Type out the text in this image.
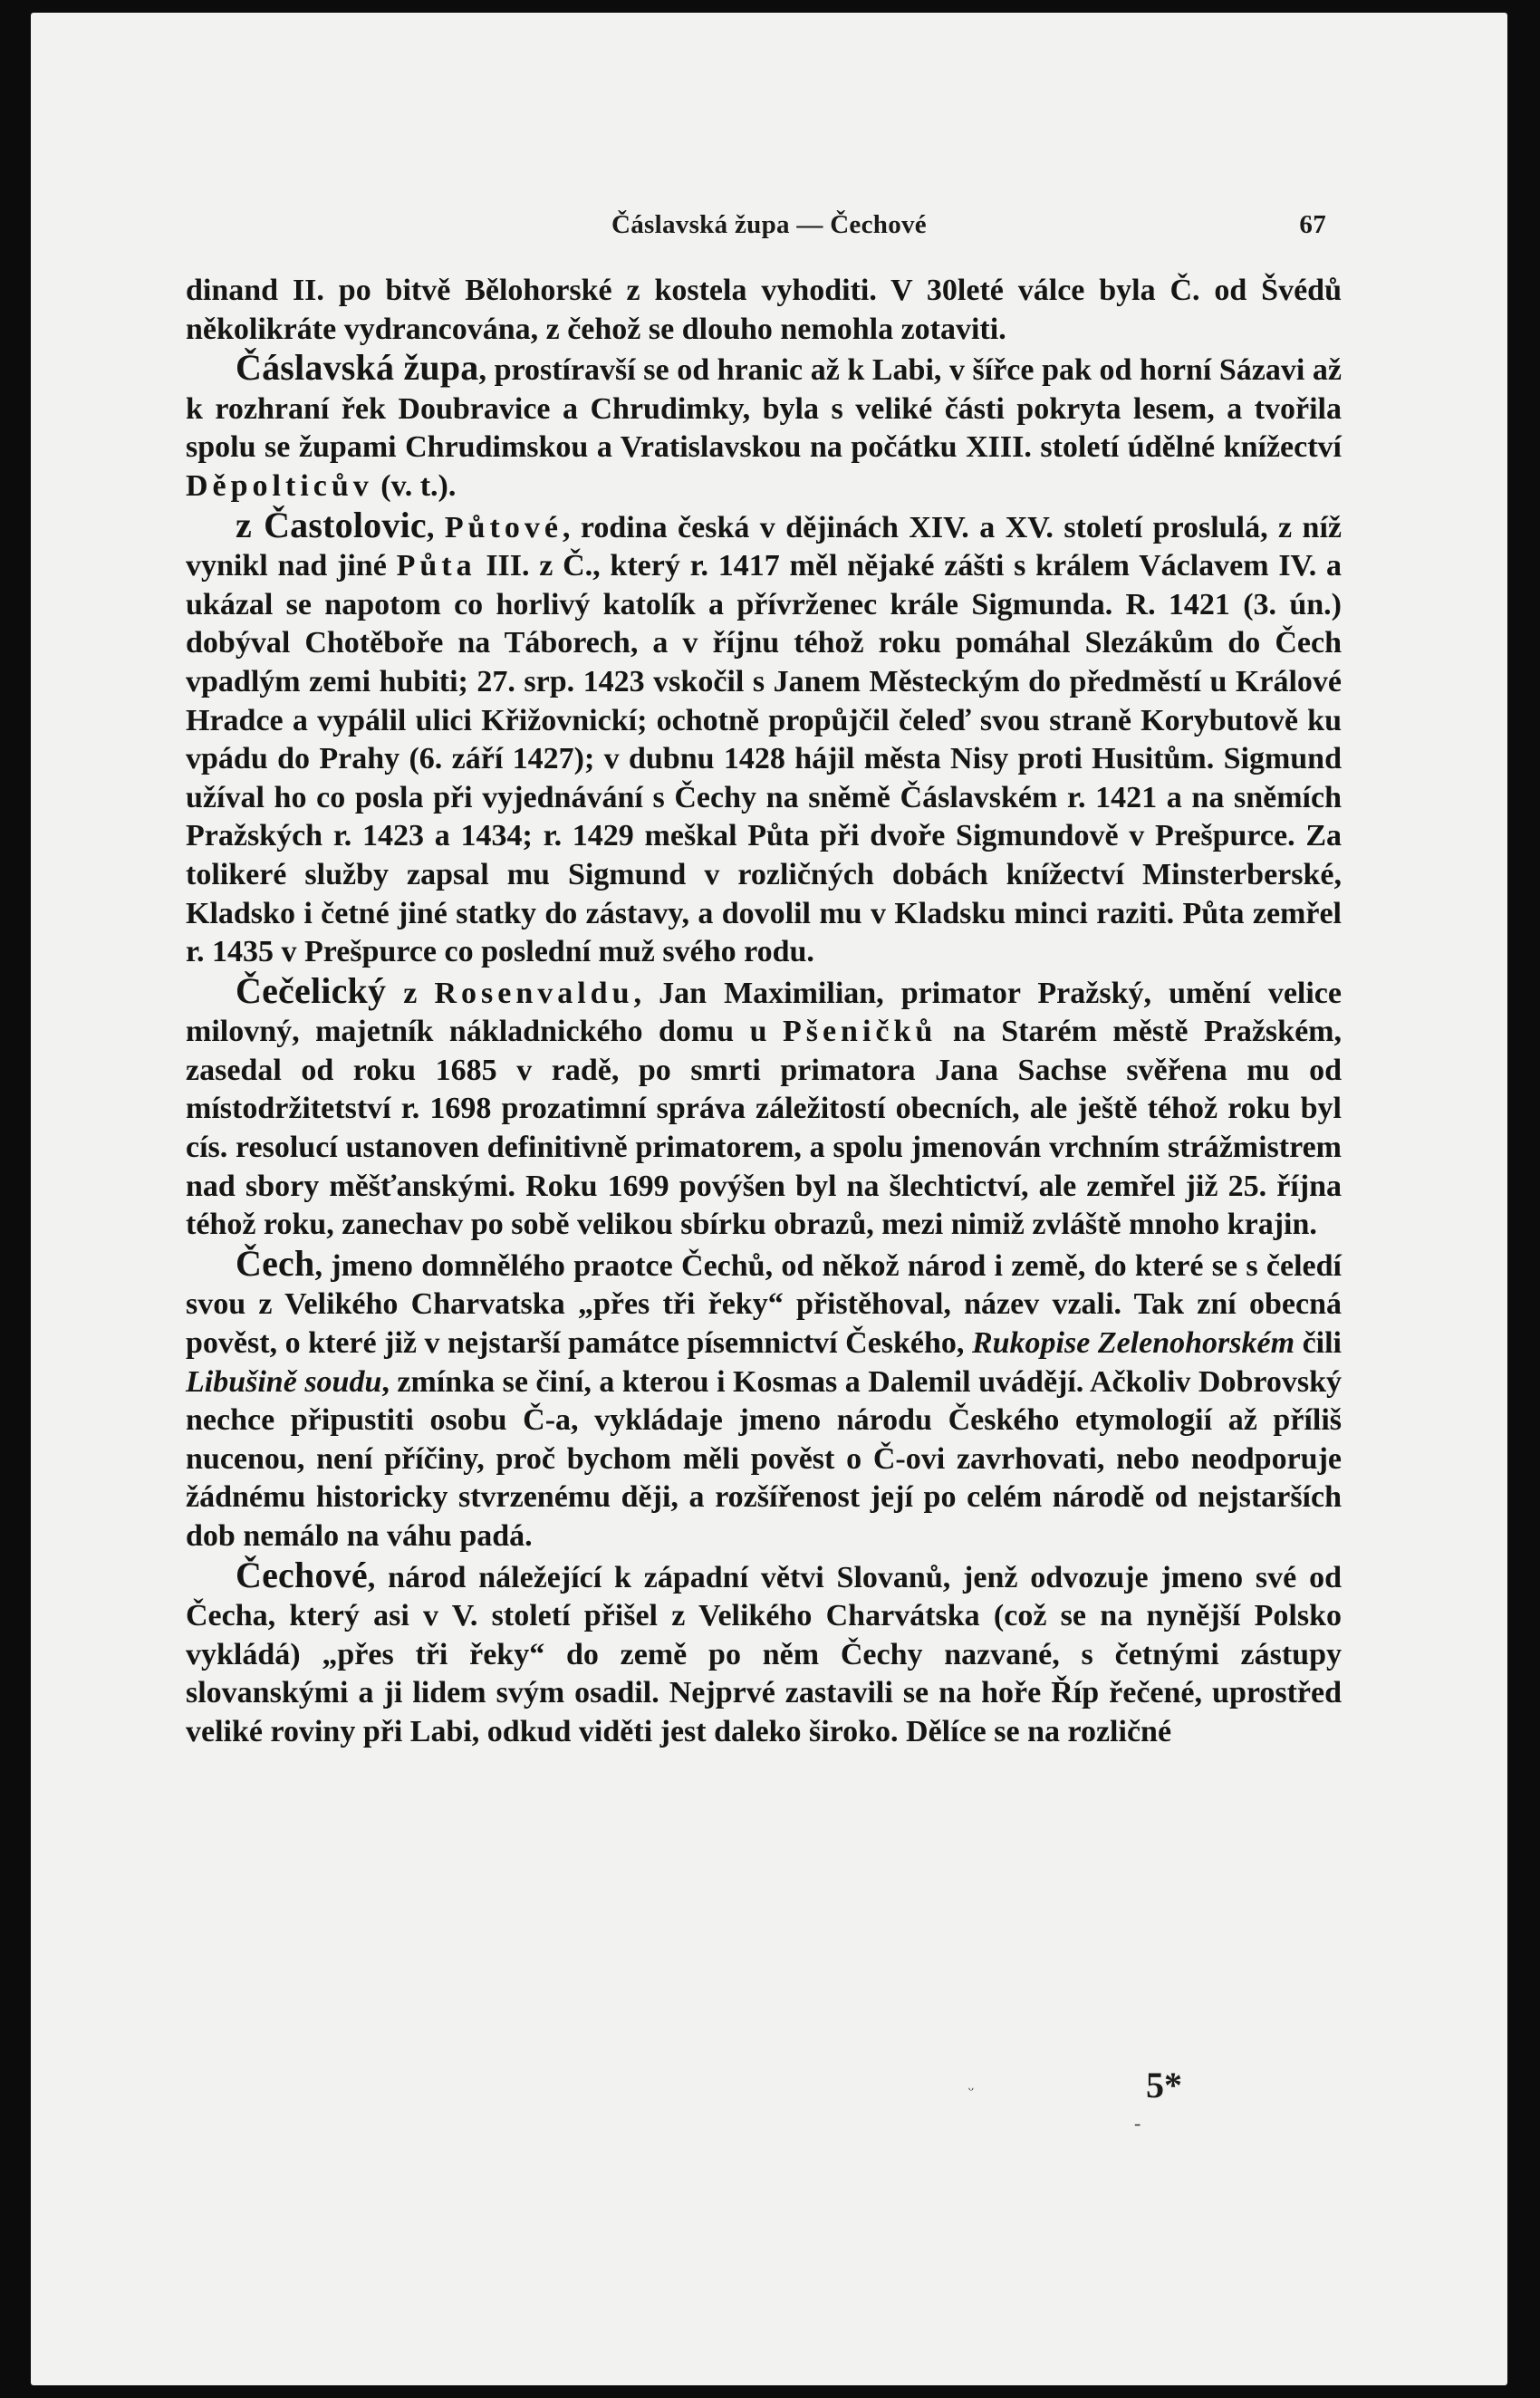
Čáslavská župa — Čechové	67

dinand II. po bitvě Bělohorské z kostela vyhoditi. V 30leté válce byla Č. od Švédů několikráte vydrancována, z čehož se dlouho nemohla zotaviti.

Čáslavská župa, prostíravší se od hranic až k Labi, v šířce pak od horní Sázavi až k rozhraní řek Doubravice a Chrudimky, byla s veliké části pokryta lesem, a tvořila spolu se župami Chrudimskou a Vratislavskou na počátku XIII. století údělné knížectví Děpolticův (v. t.).

z Častolovic, Půtové, rodina česká v dějinách XIV. a XV. století proslulá, z níž vynikl nad jiné Půta III. z Č., který r. 1417 měl nějaké zášti s králem Václavem IV. a ukázal se napotom co horlivý katolík a přívrženec krále Sigmunda. R. 1421 (3. ún.) dobýval Chotěboře na Táborech, a v říjnu téhož roku pomáhal Slezákům do Čech vpadlým zemi hubiti; 27. srp. 1423 vskočil s Janem Městeckým do předměstí u Králové Hradce a vypálil ulici Křižovnickí; ochotně propůjčil čeleď svou straně Korybutově ku vpádu do Prahy (6. září 1427); v dubnu 1428 hájil města Nisy proti Husitům. Sigmund užíval ho co posla při vyjednávání s Čechy na sněmě Čáslavském r. 1421 a na sněmích Pražských r. 1423 a 1434; r. 1429 meškal Půta při dvoře Sigmundově v Prešpurce. Za tolikeré služby zapsal mu Sigmund v rozličných dobách knížectví Minsterberské, Kladsko i četné jiné statky do zástavy, a dovolil mu v Kladsku minci raziti. Půta zemřel r. 1435 v Prešpurce co poslední muž svého rodu.

Čečelický z Rosenvaldu, Jan Maximilian, primator Pražský, umění velice milovný, majetník nákladnického domu u Pšeničků na Starém městě Pražském, zasedal od roku 1685 v radě, po smrti primatora Jana Sachse svěřena mu od místodržitetství r. 1698 prozatimní správa záležitostí obecních, ale ještě téhož roku byl cís. resolucí ustanoven definitivně primatorem, a spolu jmenován vrchním strážmistrem nad sbory měšťanskými. Roku 1699 povýšen byl na šlechtictví, ale zemřel již 25. října téhož roku, zanechav po sobě velikou sbírku obrazů, mezi nimiž zvláště mnoho krajin.

Čech, jmeno domnělého praotce Čechů, od někož národ i země, do které se s čeledí svou z Velikého Charvatska „přes tři řeky“ přistěhoval, název vzali. Tak zní obecná pověst, o které již v nejstarší památce písemnictví Českého, Rukopise Zelenohorském čili Libušině soudu, zmínka se činí, a kterou i Kosmas a Dalemil uvádějí. Ačkoliv Dobrovský nechce připustiti osobu Č-a, vykládaje jmeno národu Českého etymologií až příliš nucenou, není příčiny, proč bychom měli pověst o Č-ovi zavrhovati, nebo neodporuje žádnému historicky stvrzenému ději, a rozšířenost její po celém národě od nejstarších dob nemálo na váhu padá.

Čechové, národ náležející k západní větvi Slovanů, jenž odvozuje jmeno své od Čecha, který asi v V. století přišel z Velikého Charvátska (což se na nynější Polsko vykládá) „přes tři řeky“ do země po něm Čechy nazvané, s četnými zástupy slovanskými a ji lidem svým osadil. Nejprvé zastavili se na hoře Říp řečené, uprostřed veliké roviny při Labi, odkud viděti jest daleko široko. Dělíce se na rozličné

ᵕ	5*
-
